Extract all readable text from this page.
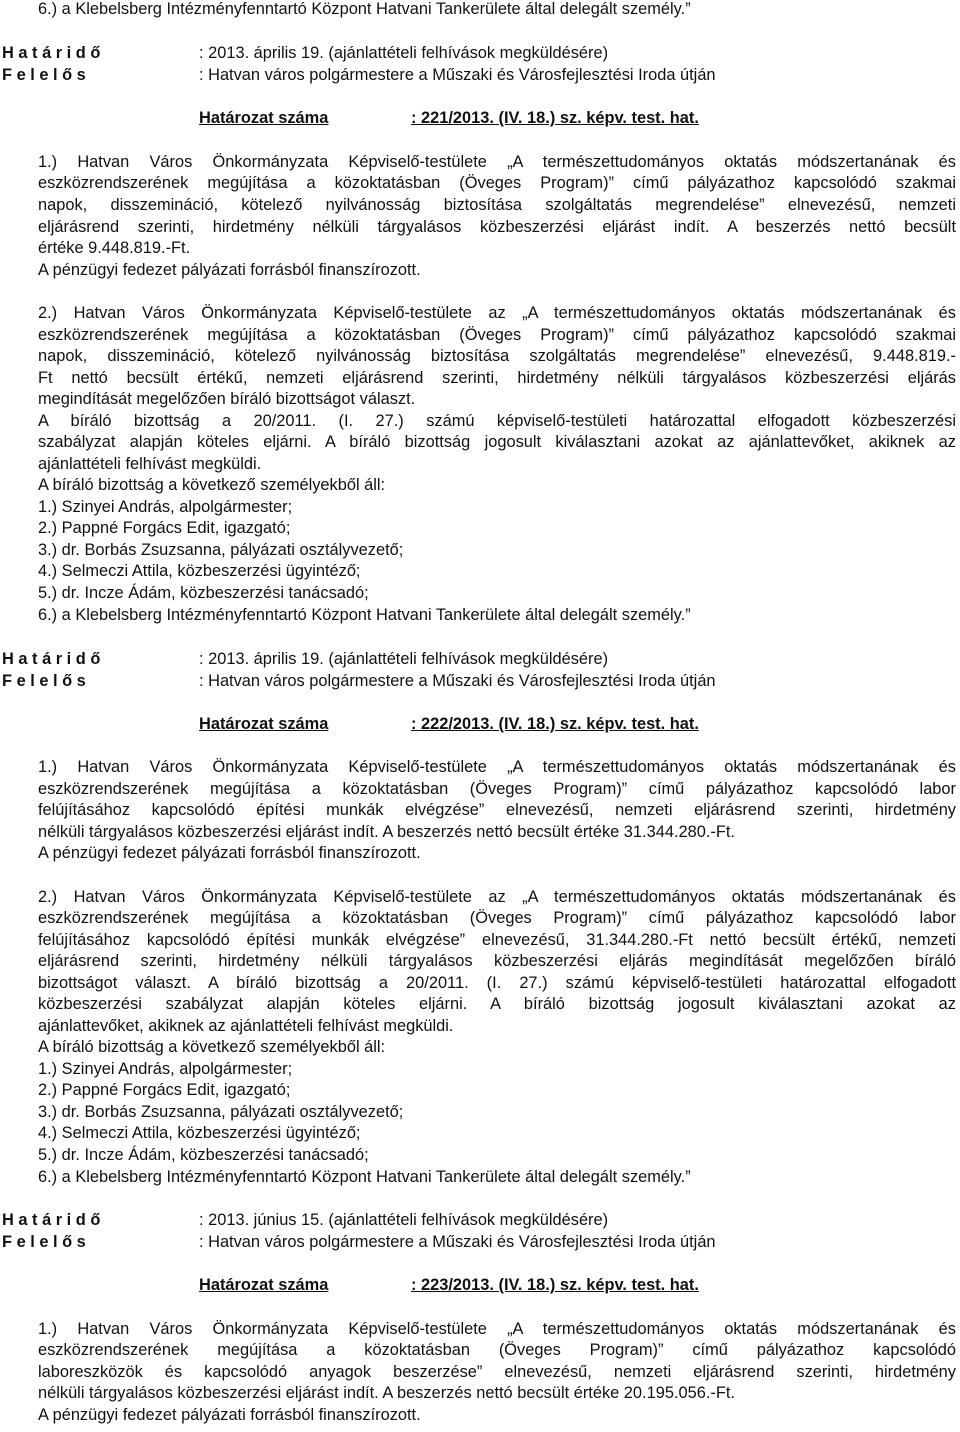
6.) a Klebelsberg Intézményfenntartó Központ Hatvani Tankerülete által delegált személy.”
H a t á r i d ő	: 2013. április 19. (ajánlattételi felhívások megküldésére)
F e l e l ő s	: Hatvan város polgármestere a Műszaki és Városfejlesztési Iroda útján
Határozat száma	: 221/2013. (IV. 18.) sz. képv. test. hat.
1.) Hatvan Város Önkormányzata Képviselő-testülete „A természettudományos oktatás módszertanának és
eszközrendszerének megújítása a közoktatásban (Öveges Program)” című pályázathoz kapcsolódó szakmai
napok, disszemináció, kötelező nyilvánosság biztosítása szolgáltatás megrendelése” elnevezésű, nemzeti
eljárásrend szerinti, hirdetmény nélküli tárgyalásos közbeszerzési eljárást indít. A beszerzés nettó becsült
értéke 9.448.819.-Ft.
A pénzügyi fedezet pályázati forrásból finanszírozott.
2.) Hatvan Város Önkormányzata Képviselő-testülete az „A természettudományos oktatás módszertanának és
eszközrendszerének megújítása a közoktatásban (Öveges Program)” című pályázathoz kapcsolódó szakmai
napok, disszemináció, kötelező nyilvánosság biztosítása szolgáltatás megrendelése” elnevezésű, 9.448.819.-
Ft nettó becsült értékű, nemzeti eljárásrend szerinti, hirdetmény nélküli tárgyalásos közbeszerzési eljárás
megindítását megelőzően bíráló bizottságot választ.
A bíráló bizottság a 20/2011. (I. 27.) számú képviselő-testületi határozattal elfogadott közbeszerzési
szabályzat alapján köteles eljárni. A bíráló bizottság jogosult kiválasztani azokat az ajánlattevőket, akiknek az
ajánlattételi felhívást megküldi.
A bíráló bizottság a következő személyekből áll:
1.) Szinyei András, alpolgármester;
2.) Pappné Forgács Edit, igazgató;
3.) dr. Borbás Zsuzsanna, pályázati osztályvezető;
4.) Selmeczi Attila, közbeszerzési ügyintéző;
5.) dr. Incze Ádám, közbeszerzési tanácsadó;
6.) a Klebelsberg Intézményfenntartó Központ Hatvani Tankerülete által delegált személy.”
H a t á r i d ő	: 2013. április 19. (ajánlattételi felhívások megküldésére)
F e l e l ő s	: Hatvan város polgármestere a Műszaki és Városfejlesztési Iroda útján
Határozat száma	: 222/2013. (IV. 18.) sz. képv. test. hat.
1.) Hatvan Város Önkormányzata Képviselő-testülete „A természettudományos oktatás módszertanának és
eszközrendszerének megújítása a közoktatásban (Öveges Program)” című pályázathoz kapcsolódó labor
felújításához kapcsolódó építési munkák elvégzése” elnevezésű, nemzeti eljárásrend szerinti, hirdetmény
nélküli tárgyalásos közbeszerzési eljárást indít. A beszerzés nettó becsült értéke 31.344.280.-Ft.
A pénzügyi fedezet pályázati forrásból finanszírozott.
2.) Hatvan Város Önkormányzata Képviselő-testülete az „A természettudományos oktatás módszertanának és
eszközrendszerének megújítása a közoktatásban (Öveges Program)” című pályázathoz kapcsolódó labor
felújításához kapcsolódó építési munkák elvégzése” elnevezésű, 31.344.280.-Ft nettó becsült értékű, nemzeti
eljárásrend szerinti, hirdetmény nélküli tárgyalásos közbeszerzési eljárás megindítását megelőzően bíráló
bizottságot választ. A bíráló bizottság a 20/2011. (I. 27.) számú képviselő-testületi határozattal elfogadott
közbeszerzési szabályzat alapján köteles eljárni. A bíráló bizottság jogosult kiválasztani azokat az
ajánlattevőket, akiknek az ajánlattételi felhívást megküldi.
A bíráló bizottság a következő személyekből áll:
1.) Szinyei András, alpolgármester;
2.) Pappné Forgács Edit, igazgató;
3.) dr. Borbás Zsuzsanna, pályázati osztályvezető;
4.) Selmeczi Attila, közbeszerzési ügyintéző;
5.) dr. Incze Ádám, közbeszerzési tanácsadó;
6.) a Klebelsberg Intézményfenntartó Központ Hatvani Tankerülete által delegált személy.”
H a t á r i d ő	: 2013. június 15. (ajánlattételi felhívások megküldésére)
F e l e l ő s	: Hatvan város polgármestere a Műszaki és Városfejlesztési Iroda útján
Határozat száma	: 223/2013. (IV. 18.) sz. képv. test. hat.
1.) Hatvan Város Önkormányzata Képviselő-testülete „A természettudományos oktatás módszertanának és
eszközrendszerének megújítása a közoktatásban (Öveges Program)” című pályázathoz kapcsolódó
laboreszközök és kapcsolódó anyagok beszerzése” elnevezésű, nemzeti eljárásrend szerinti, hirdetmény
nélküli tárgyalásos közbeszerzési eljárást indít. A beszerzés nettó becsült értéke 20.195.056.-Ft.
A pénzügyi fedezet pályázati forrásból finanszírozott.
